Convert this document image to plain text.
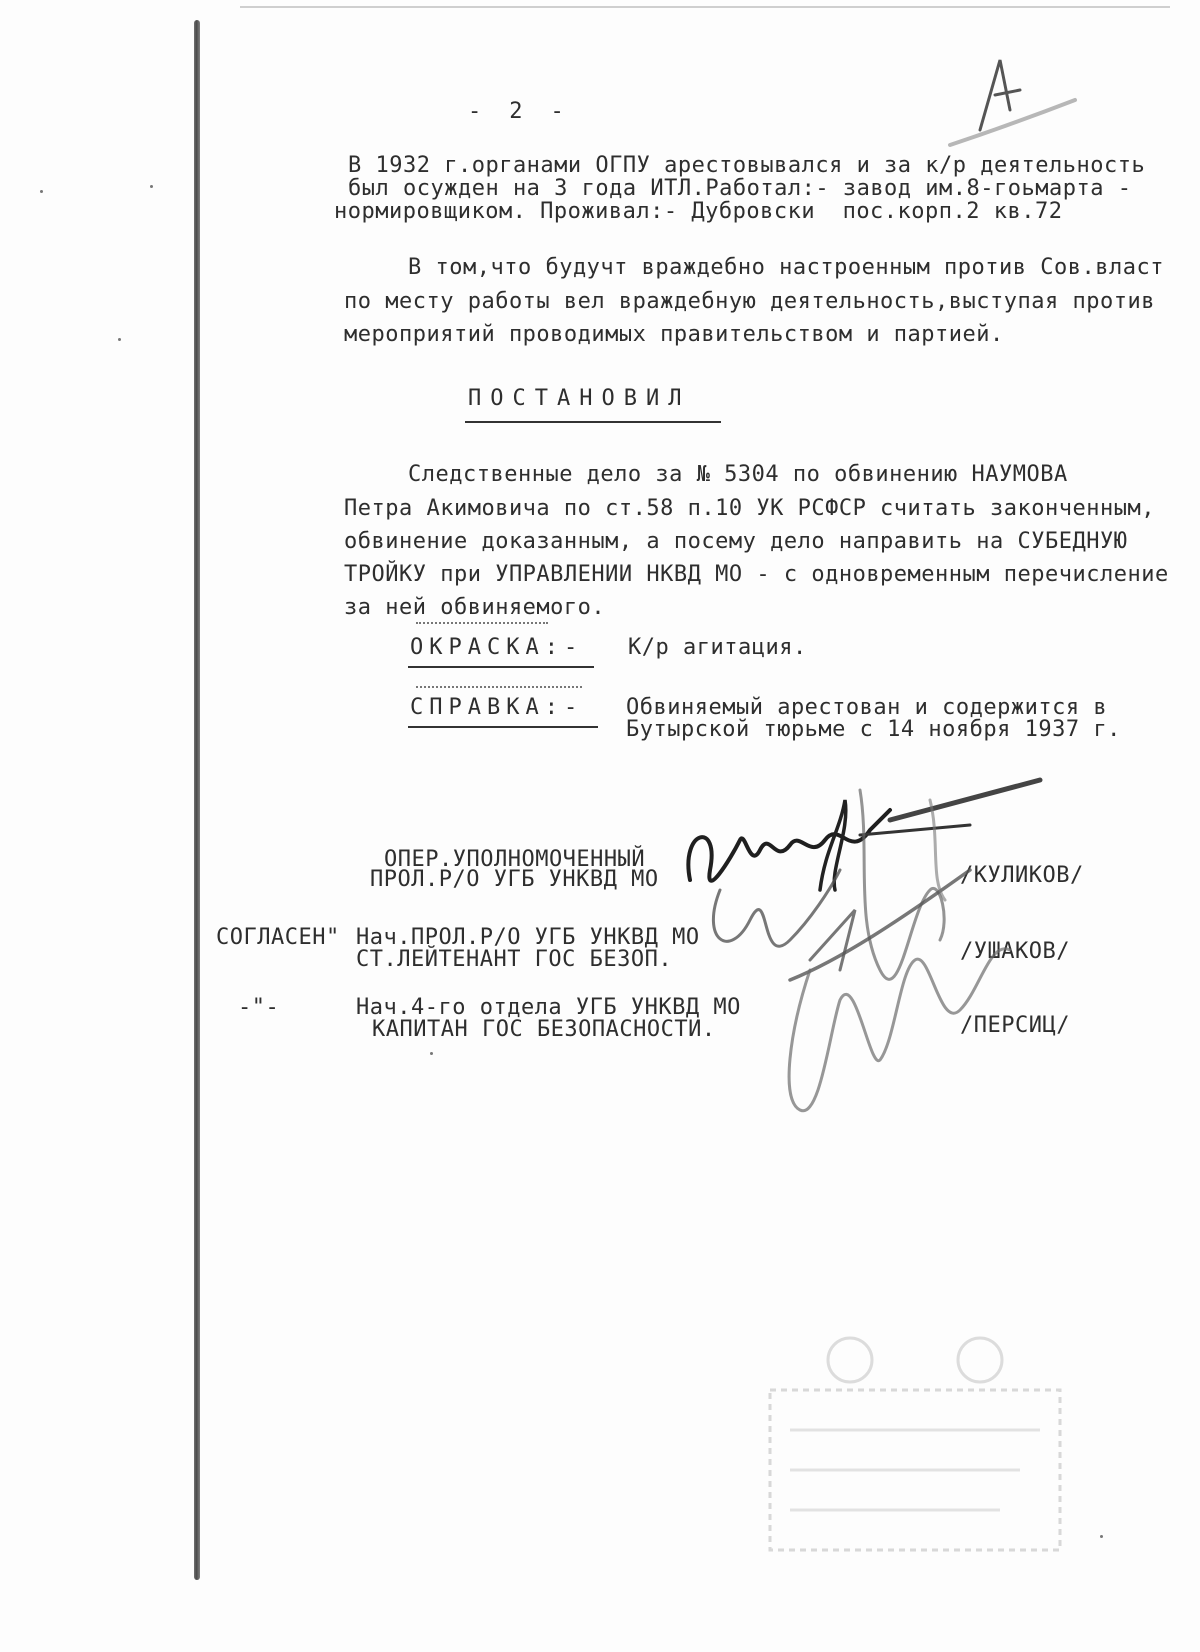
-  2  -
В 1932 г.органами ОГПУ арестовывался и за к/р деятельность
был осужден на 3 года ИТЛ.Работал:- завод им.8-гоьмарта -
нормировщиком. Проживал:- Дубровски  пос.корп.2 кв.72
В том,что будучт враждебно настроенным против Сов.власт
по месту работы вел враждебную деятельность,выступая против
мероприятий проводимых правительством и партией.
ПОСТАНОВИЛ
Следственные дело за № 5304 по обвинению НАУМОВА
Петра Акимовича по ст.58 п.10 УК РСФСР считать законченным,
обвинение доказанным, а посему дело направить на СУБЕДНУЮ
ТРОЙКУ при УПРАВЛЕНИИ НКВД МО - с одновременным перечисление
за ней обвиняемого.
ОКРАСКА:- К/р агитация.
СПРАВКА:- Обвиняемый арестован и содержится в
Бутырской тюрьме с 14 ноября 1937 г.
ОПЕР.УПОЛНОМОЧЕННЫЙ
ПРОЛ.Р/О УГБ УНКВД МО	/КУЛИКОВ/
СОГЛАСЕН" Нач.ПРОЛ.Р/О УГБ УНКВД МО
СТ.ЛЕЙТЕНАНТ ГОС БЕЗОП.	/УШАКОВ/
-"-	Нач.4-го отдела УГБ УНКВД МО
КАПИТАН ГОС БЕЗОПАСНОСТИ.	/ПЕРСИЦ/
